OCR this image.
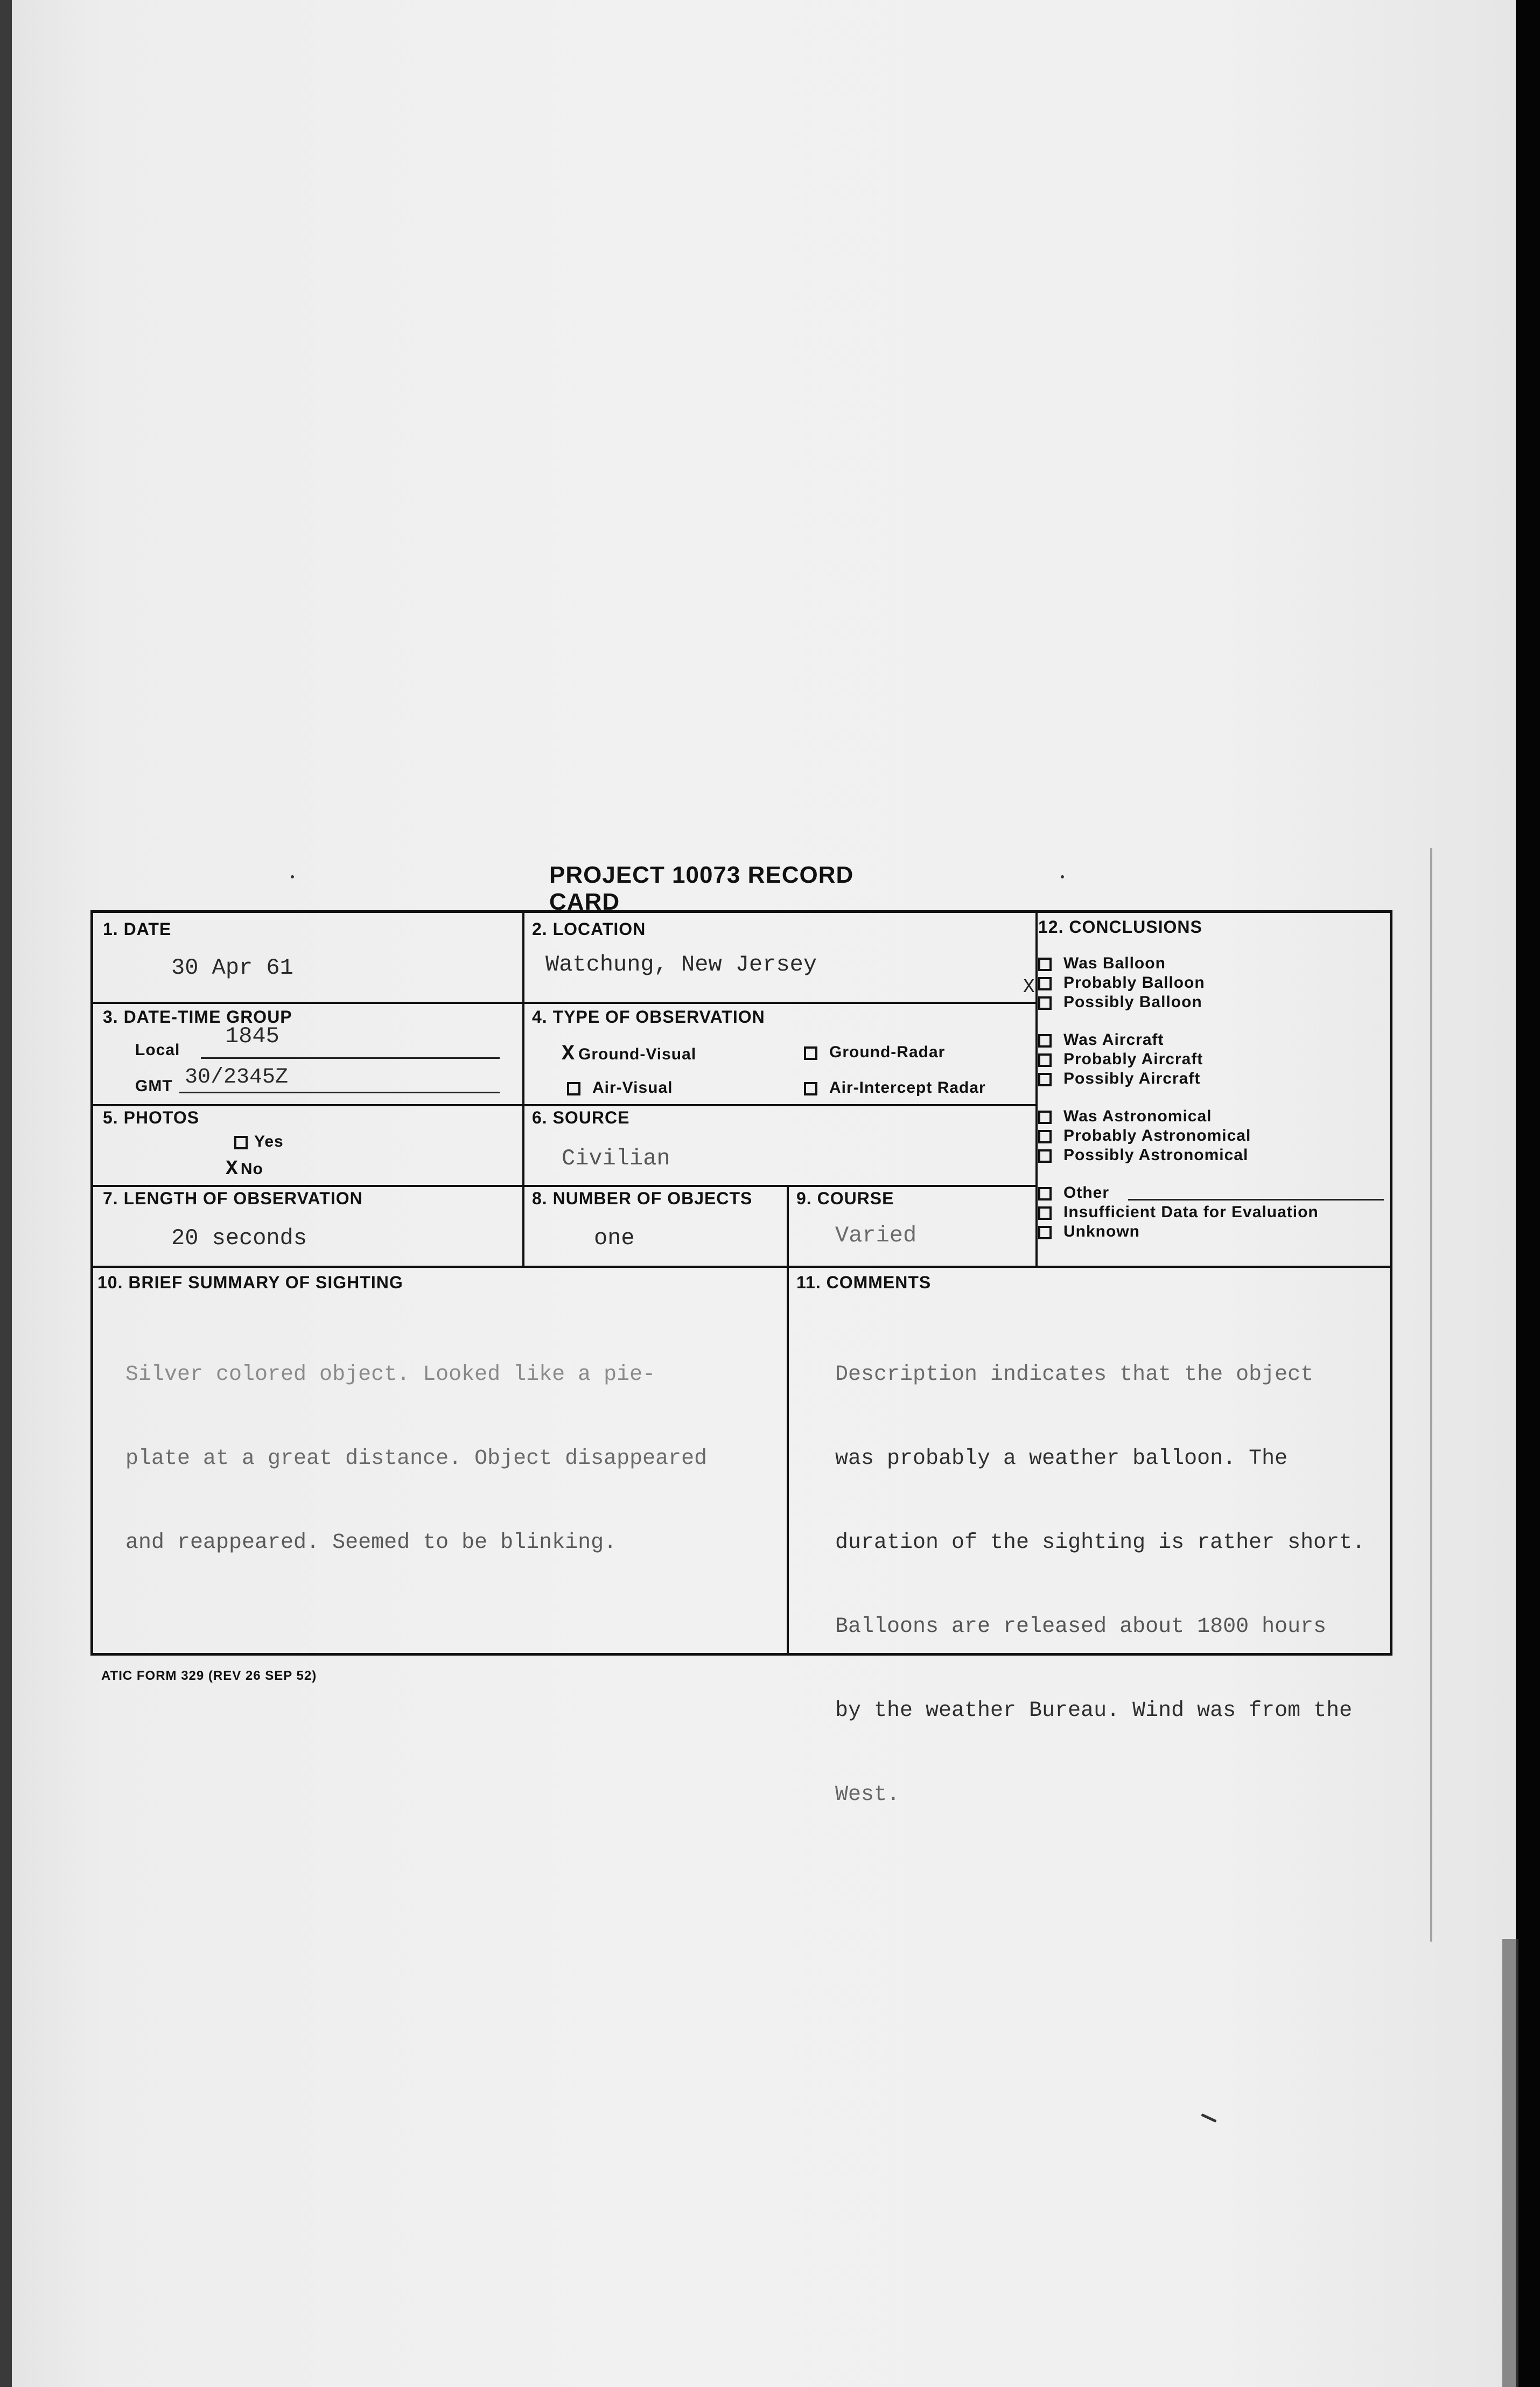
PROJECT 10073 RECORD CARD
1. DATE
30 Apr 61
2. LOCATION
Watchung, New Jersey
3. DATE-TIME GROUP
Local
1845
GMT 30/2345Z
4. TYPE OF OBSERVATION
X Ground-Visual	Ground-Radar
Air-Visual	Air-Intercept Radar
5. PHOTOS
Yes
X No
6. SOURCE
Civilian
7. LENGTH OF OBSERVATION
20 seconds
8. NUMBER OF OBJECTS
one
9. COURSE
Varied
10. BRIEF SUMMARY OF SIGHTING

Silver colored object. Looked like a pie-

plate at a great distance. Object disappeared

and reappeared. Seemed to be blinking.

11. COMMENTS

Description indicates that the object

was probably a weather balloon. The

duration of the sighting is rather short.

Balloons are released about 1800 hours

by the weather Bureau. Wind was from the

West.

12. CONCLUSIONS
X
Was Balloon
Probably Balloon
Possibly Balloon
Was Aircraft
Probably Aircraft
Possibly Aircraft
Was Astronomical
Probably Astronomical
Possibly Astronomical
Other
Insufficient Data for Evaluation
Unknown
ATIC FORM 329 (REV 26 SEP 52)
